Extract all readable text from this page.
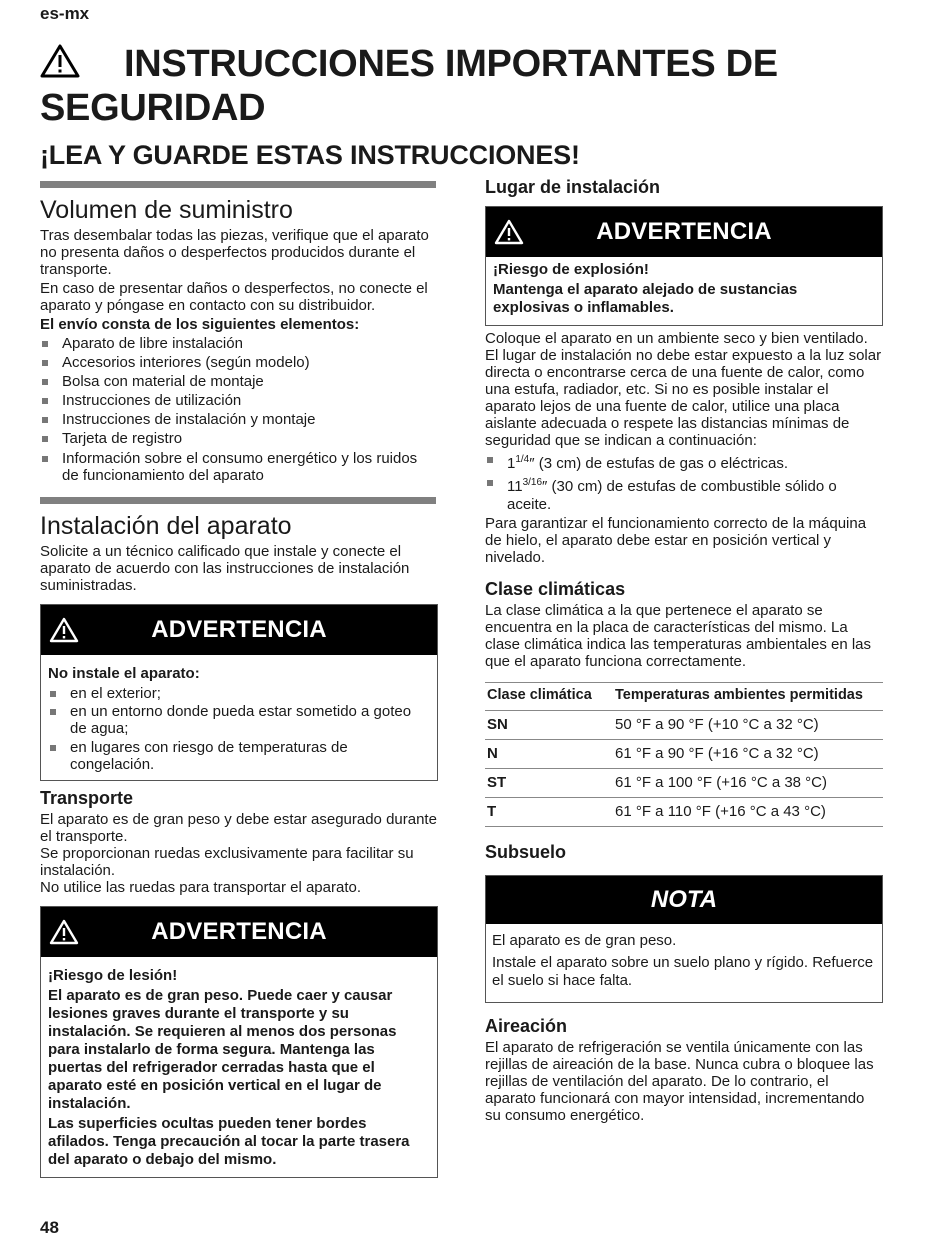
es-mx
INSTRUCCIONES IMPORTANTES DE SEGURIDAD
¡LEA Y GUARDE ESTAS INSTRUCCIONES!
Volumen de suministro

Tras desembalar todas las piezas, verifique que el aparato no presenta daños o desperfectos producidos durante el transporte.

En caso de presentar daños o desperfectos, no conecte el aparato y póngase en contacto con su distribuidor.

El envío consta de los siguientes elementos:

Aparato de libre instalación
Accesorios interiores (según modelo)
Bolsa con material de montaje
Instrucciones de utilización
Instrucciones de instalación y montaje
Tarjeta de registro
Información sobre el consumo energético y los ruidos de funcionamiento del aparato
Instalación del aparato

Solicite a un técnico calificado que instale y conecte el aparato de acuerdo con las instrucciones de instalación suministradas.

ADVERTENCIA

No instale el aparato:

en el exterior;
en un entorno donde pueda estar sometido a goteo de agua;
en lugares con riesgo de temperaturas de congelación.
Transporte

El aparato es de gran peso y debe estar asegurado durante el transporte.

Se proporcionan ruedas exclusivamente para facilitar su instalación.

No utilice las ruedas para transportar el aparato.

ADVERTENCIA

¡Riesgo de lesión!

El aparato es de gran peso. Puede caer y causar lesiones graves durante el transporte y su instalación. Se requieren al menos dos personas para instalarlo de forma segura. Mantenga las puertas del refrigerador cerradas hasta que el aparato esté en posición vertical en el lugar de instalación.

Las superficies ocultas pueden tener bordes afilados. Tenga precaución al tocar la parte trasera del aparato o debajo del mismo.

Lugar de instalación
ADVERTENCIA

¡Riesgo de explosión!

Mantenga el aparato alejado de sustancias explosivas o inflamables.

Coloque el aparato en un ambiente seco y bien ventilado. El lugar de instalación no debe estar expuesto a la luz solar directa o encontrarse cerca de una fuente de calor, como una estufa, radiador, etc. Si no es posible instalar el aparato lejos de una fuente de calor, utilice una placa aislante adecuada o respete las distancias mínimas de seguridad que se indican a continuación:

$1^{1/4}''$ (3 cm) de estufas de gas o eléctricas.
$11^{3/16}''$ (30 cm) de estufas de combustible sólido o aceite.

Para garantizar el funcionamiento correcto de la máquina de hielo, el aparato debe estar en posición vertical y nivelado.

Clase climáticas

La clase climática a la que pertenece el aparato se encuentra en la placa de características del mismo. La clase climática indica las temperaturas ambientales en las que el aparato funciona correctamente.

Clase climática	Temperaturas ambientes permitidas
SN	50 °F a 90 °F (+10 °C a 32 °C)
N	61 °F a 90 °F (+16 °C a 32 °C)
ST	61 °F a 100 °F (+16 °C a 38 °C)
T	61 °F a 110 °F (+16 °C a 43 °C)
Subsuelo
NOTA

El aparato es de gran peso.

Instale el aparato sobre un suelo plano y rígido. Refuerce el suelo si hace falta.

Aireación

El aparato de refrigeración se ventila únicamente con las rejillas de aireación de la base. Nunca cubra o bloquee las rejillas de ventilación del aparato. De lo contrario, el aparato funcionará con mayor intensidad, incrementando su consumo energético.

48
